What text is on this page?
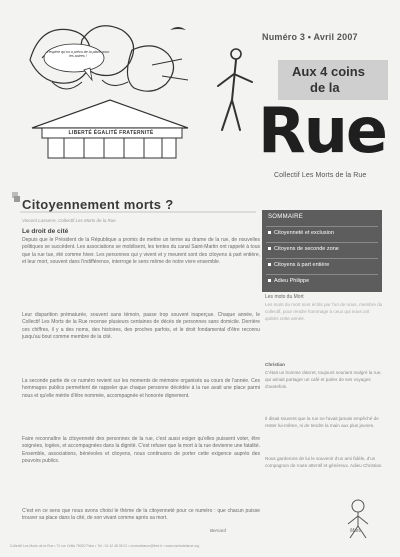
J'espère qu'on a prévu de la place pour les autres !
LIBERTÉ ÉGALITÉ FRATERNITÉ
Numéro 3 • Avril 2007
Aux 4 coins
de la
Rue
Collectif Les Morts de la Rue
Citoyennement morts ?
Vincent Lasserre, Collectif Les Morts de la Rue
Le droit de cité

Depuis que le Président de la République a promis de mettre un terme au drame de la rue, de nouvelles politiques se succèdent. Les associations se mobilisent, les tentes du canal Saint-Martin ont rappelé à tous que la rue tue, été comme hiver. Les personnes qui y vivent et y meurent sont des citoyens à part entière, et leur mort, souvent dans l'indifférence, interroge le sens même de notre vivre ensemble.

Leur disparition prématurée, souvent sans témoin, passe trop souvent inaperçue. Chaque année, le Collectif Les Morts de la Rue recense plusieurs centaines de décès de personnes sans domicile. Derrière ces chiffres, il y a des noms, des histoires, des proches parfois, et le droit fondamental d'être reconnu jusqu'au bout comme membre de la cité.

La seconde partie de ce numéro revient sur les moments de mémoire organisés au cours de l'année. Ces hommages publics permettent de rappeler que chaque personne décédée à la rue avait une place parmi nous et qu'elle mérite d'être nommée, accompagnée et honorée dignement.

Faire reconnaître la citoyenneté des personnes de la rue, c'est aussi exiger qu'elles puissent voter, être soignées, logées, et accompagnées dans la dignité. C'est refuser que la mort à la rue devienne une fatalité. Ensemble, associations, bénévoles et citoyens, nous continuons de porter cette exigence auprès des pouvoirs publics.

C'est en ce sens que nous avons choisi le thème de la citoyenneté pour ce numéro : que chacun puisse trouver sa place dans la cité, de son vivant comme après sa mort.

Bernard
SOMMAIRE
Citoyenneté et exclusion
Citoyens de seconde zone
Citoyens à part entière
Adieu Philippe
Les mots du Mort

Les mots du mort sont écrits par l'un de nous, membre du collectif, pour rendre hommage à ceux qui nous ont quittés cette année.

Christian

C'était un homme discret, toujours souriant malgré la rue, qui aimait partager un café et parler de ses voyages d'autrefois.

Il disait souvent que la rue ne l'avait jamais empêché de rester lui-même, ni de tendre la main aux plus jeunes.

Nous garderons de lui le souvenir d'un ami fidèle, d'un compagnon de route attentif et généreux. Adieu Christian.

Marc
Collectif Les Morts de la Rue • 72 rue Orfila 75020 Paris • Tél : 01 42 45 08 01 • mortsdelarue@free.fr • www.mortsdelarue.org
